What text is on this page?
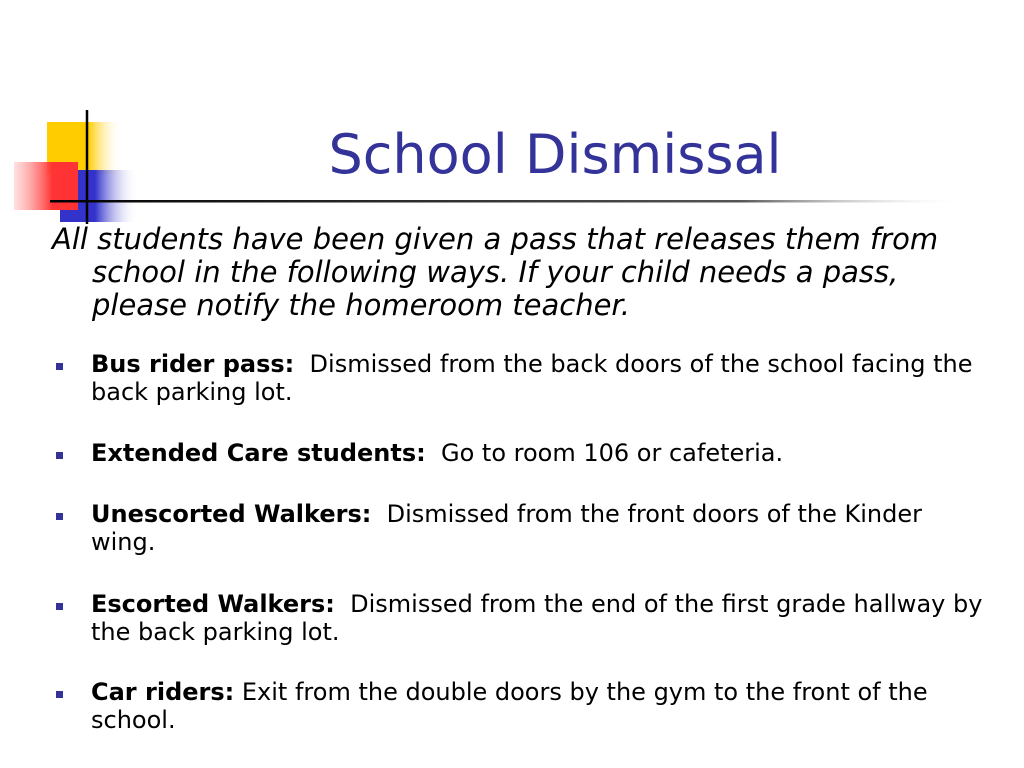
School Dismissal
All students have been given a pass that releases them from school in the following ways. If your child needs a pass, please notify the homeroom teacher.
Bus rider pass: Dismissed from the back doors of the school facing the back parking lot.
Extended Care students: Go to room 106 or cafeteria.
Unescorted Walkers: Dismissed from the front doors of the Kinder wing.
Escorted Walkers: Dismissed from the end of the first grade hallway by the back parking lot.
Car riders: Exit from the double doors by the gym to the front of the school.
